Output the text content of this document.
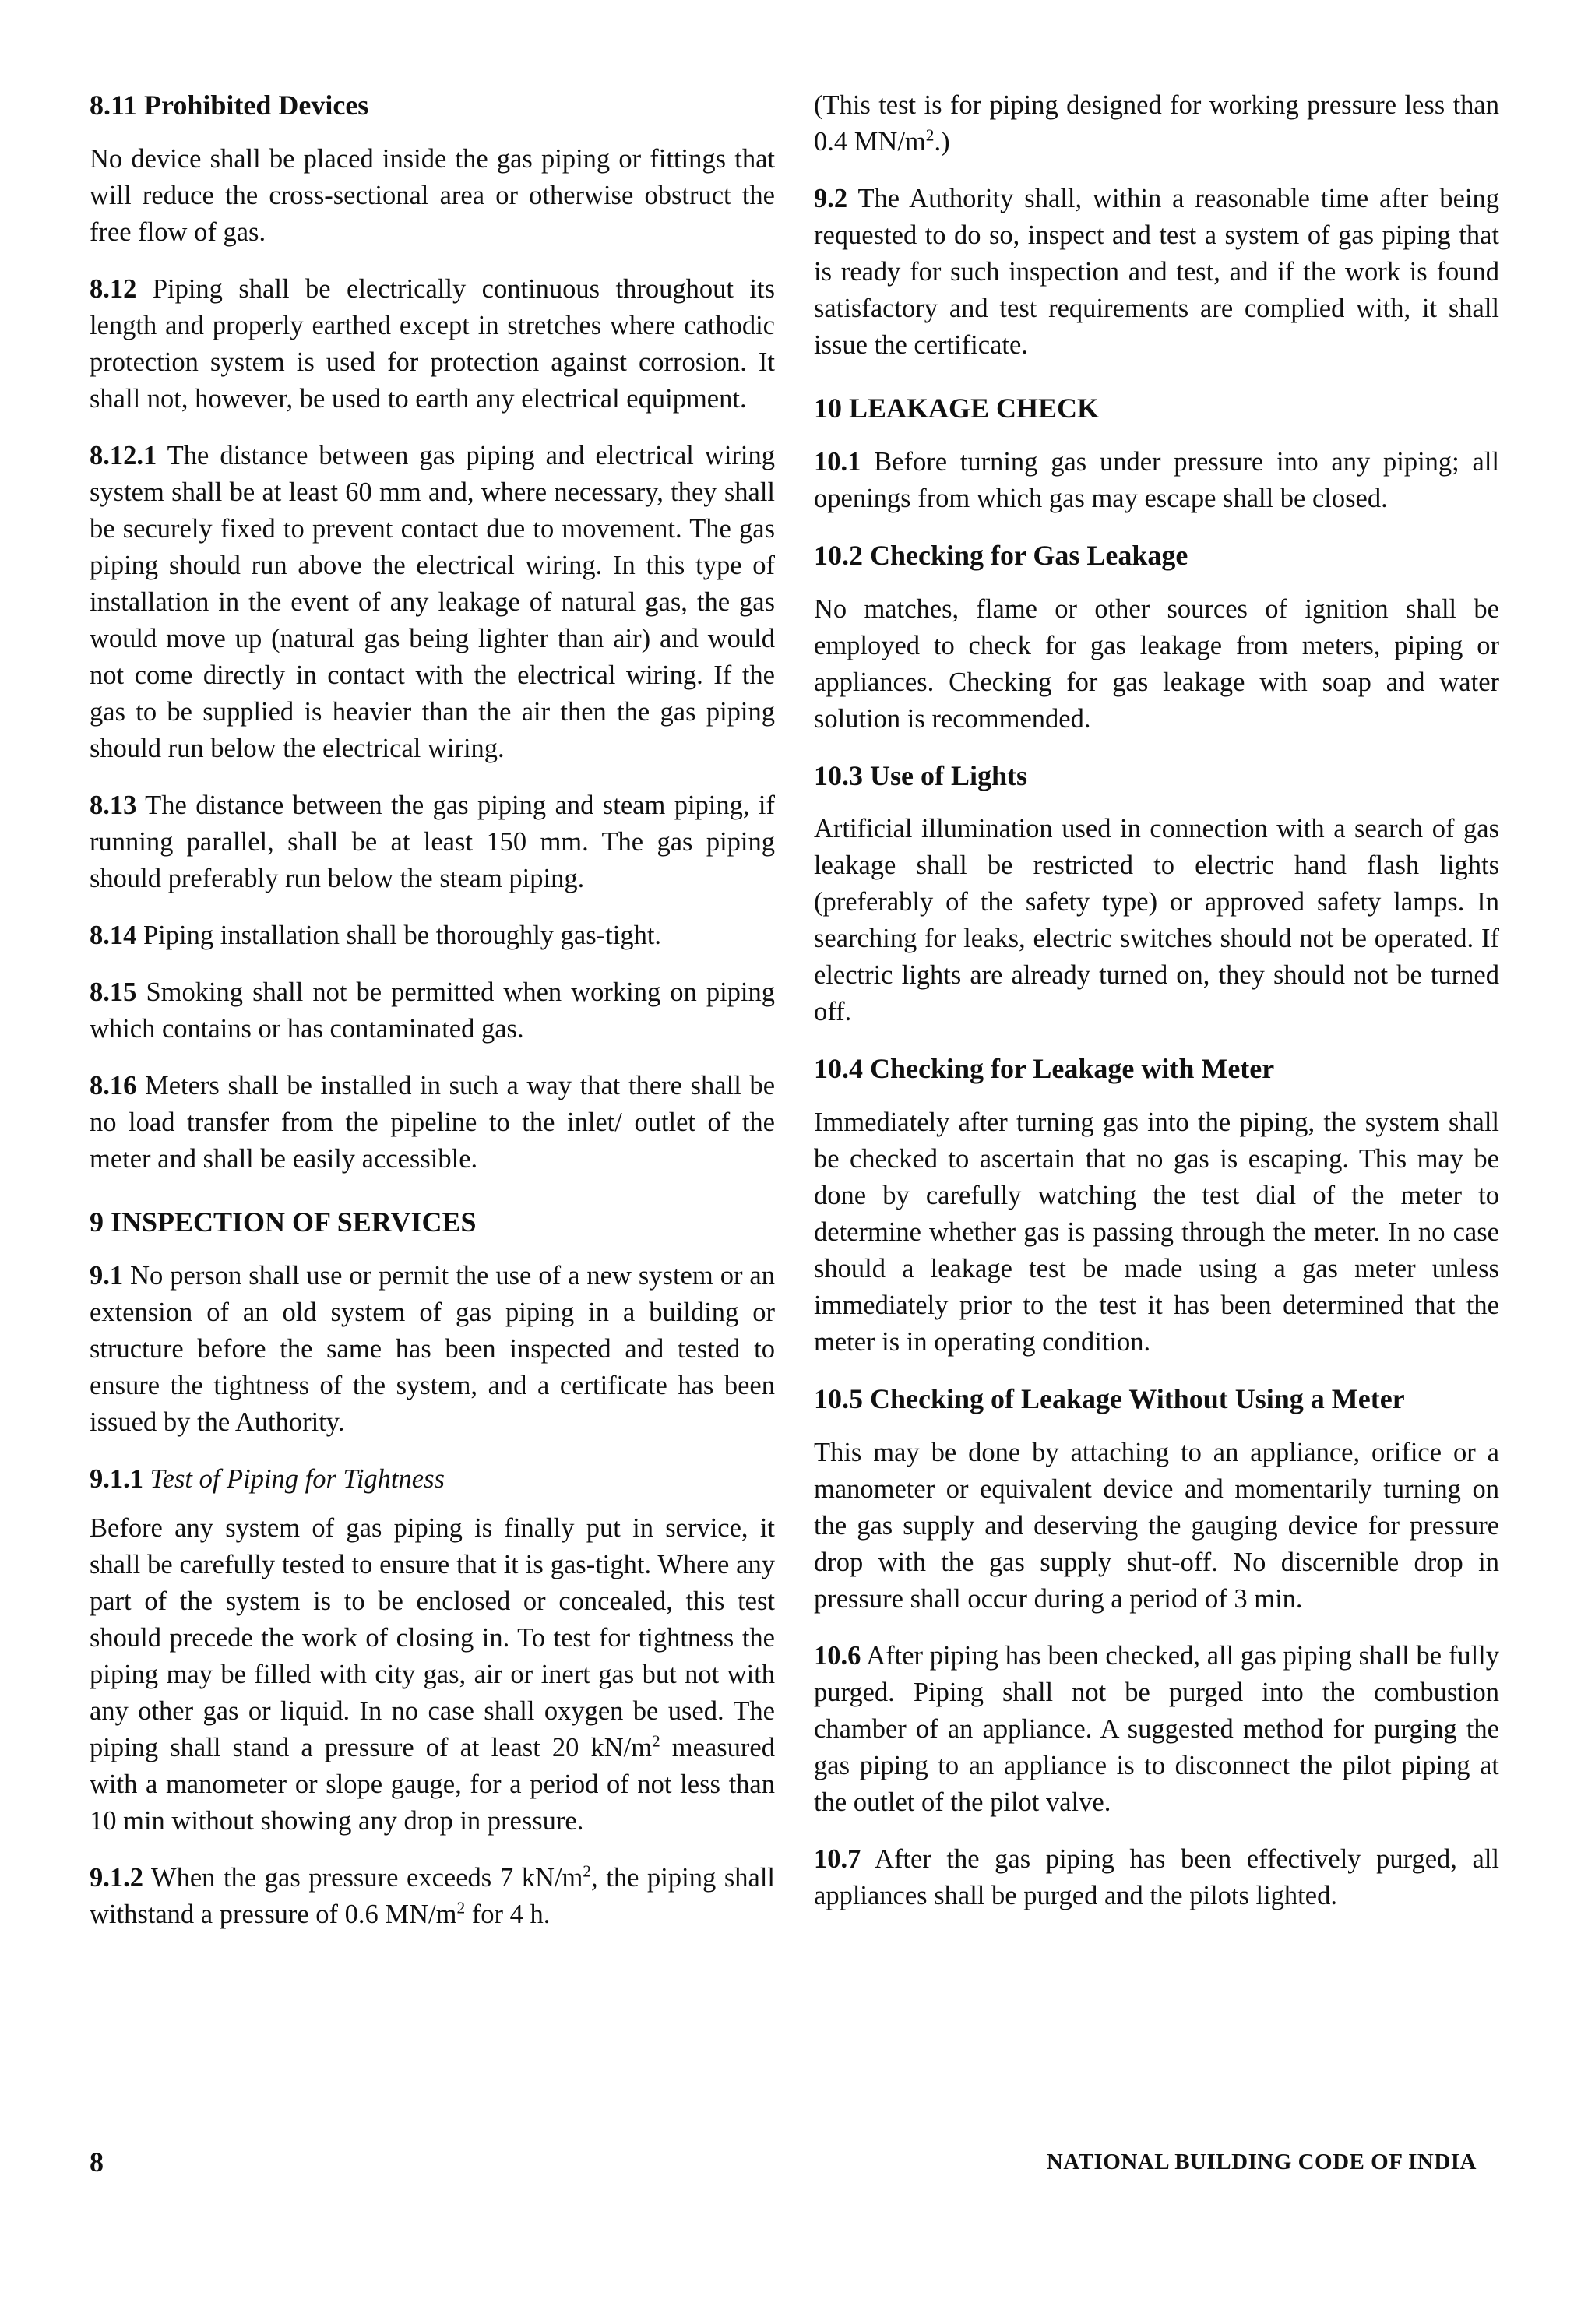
8.11 Prohibited Devices

No device shall be placed inside the gas piping or fittings that will reduce the cross-sectional area or otherwise obstruct the free flow of gas.

8.12 Piping shall be electrically continuous throughout its length and properly earthed except in stretches where cathodic protection system is used for protection against corrosion. It shall not, however, be used to earth any electrical equipment.

8.12.1 The distance between gas piping and electrical wiring system shall be at least 60 mm and, where necessary, they shall be securely fixed to prevent contact due to movement. The gas piping should run above the electrical wiring. In this type of installation in the event of any leakage of natural gas, the gas would move up (natural gas being lighter than air) and would not come directly in contact with the electrical wiring. If the gas to be supplied is heavier than the air then the gas piping should run below the electrical wiring.

8.13 The distance between the gas piping and steam piping, if running parallel, shall be at least 150 mm. The gas piping should preferably run below the steam piping.

8.14 Piping installation shall be thoroughly gas-tight.

8.15 Smoking shall not be permitted when working on piping which contains or has contaminated gas.

8.16 Meters shall be installed in such a way that there shall be no load transfer from the pipeline to the inlet/ outlet of the meter and shall be easily accessible.

9 INSPECTION OF SERVICES

9.1 No person shall use or permit the use of a new system or an extension of an old system of gas piping in a building or structure before the same has been inspected and tested to ensure the tightness of the system, and a certificate has been issued by the Authority.

9.1.1 Test of Piping for Tightness

Before any system of gas piping is finally put in service, it shall be carefully tested to ensure that it is gas-tight. Where any part of the system is to be enclosed or concealed, this test should precede the work of closing in. To test for tightness the piping may be filled with city gas, air or inert gas but not with any other gas or liquid. In no case shall oxygen be used. The piping shall stand a pressure of at least 20 $kN/m^2$ measured with a manometer or slope gauge, for a period of not less than 10 min without showing any drop in pressure.

9.1.2 When the gas pressure exceeds 7 $kN/m^2$, the piping shall withstand a pressure of 0.6 $MN/m^2$ for 4 h.

(This test is for piping designed for working pressure less than 0.4 $MN/m^2$.)

9.2 The Authority shall, within a reasonable time after being requested to do so, inspect and test a system of gas piping that is ready for such inspection and test, and if the work is found satisfactory and test requirements are complied with, it shall issue the certificate.

10 LEAKAGE CHECK

10.1 Before turning gas under pressure into any piping; all openings from which gas may escape shall be closed.

10.2 Checking for Gas Leakage

No matches, flame or other sources of ignition shall be employed to check for gas leakage from meters, piping or appliances. Checking for gas leakage with soap and water solution is recommended.

10.3 Use of Lights

Artificial illumination used in connection with a search of gas leakage shall be restricted to electric hand flash lights (preferably of the safety type) or approved safety lamps. In searching for leaks, electric switches should not be operated. If electric lights are already turned on, they should not be turned off.

10.4 Checking for Leakage with Meter

Immediately after turning gas into the piping, the system shall be checked to ascertain that no gas is escaping. This may be done by carefully watching the test dial of the meter to determine whether gas is passing through the meter. In no case should a leakage test be made using a gas meter unless immediately prior to the test it has been determined that the meter is in operating condition.

10.5 Checking of Leakage Without Using a Meter

This may be done by attaching to an appliance, orifice or a manometer or equivalent device and momentarily turning on the gas supply and deserving the gauging device for pressure drop with the gas supply shut-off. No discernible drop in pressure shall occur during a period of 3 min.

10.6 After piping has been checked, all gas piping shall be fully purged. Piping shall not be purged into the combustion chamber of an appliance. A suggested method for purging the gas piping to an appliance is to disconnect the pilot piping at the outlet of the pilot valve.

10.7 After the gas piping has been effectively purged, all appliances shall be purged and the pilots lighted.

8	NATIONAL BUILDING CODE OF INDIA
